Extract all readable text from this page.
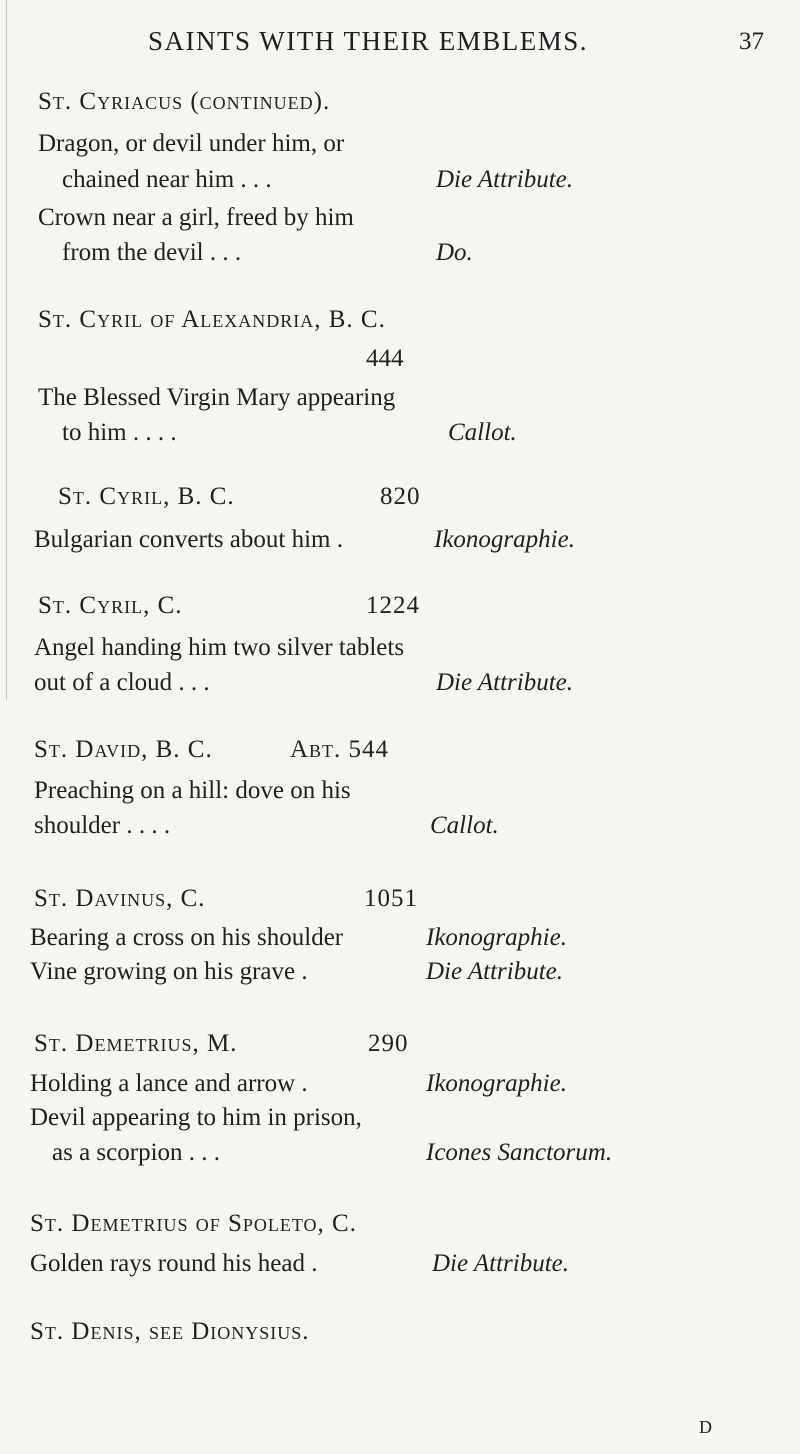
SAINTS WITH THEIR EMBLEMS.	37
St. Cyriacus (continued).
Dragon, or devil under him, or
chained near him . . .	Die Attribute.
Crown near a girl, freed by him
from the devil . . .	Do.
St. Cyril of Alexandria, B. C.
444
The Blessed Virgin Mary appearing
to him . . . .	Callot.
St. Cyril, B. C.	820
Bulgarian converts about him .	Ikonographie.
St. Cyril, C.	1224
Angel handing him two silver tablets
out of a cloud . . .	Die Attribute.
St. David, B. C.	Abt. 544
Preaching on a hill: dove on his
shoulder . . . .	Callot.
St. Davinus, C.	1051
Bearing a cross on his shoulder	Ikonographie.
Vine growing on his grave .	Die Attribute.
St. Demetrius, M.	290
Holding a lance and arrow .	Ikonographie.
Devil appearing to him in prison,
as a scorpion . . .	Icones Sanctorum.
St. Demetrius of Spoleto, C.
Golden rays round his head .	Die Attribute.
St. Denis, see Dionysius.
D
